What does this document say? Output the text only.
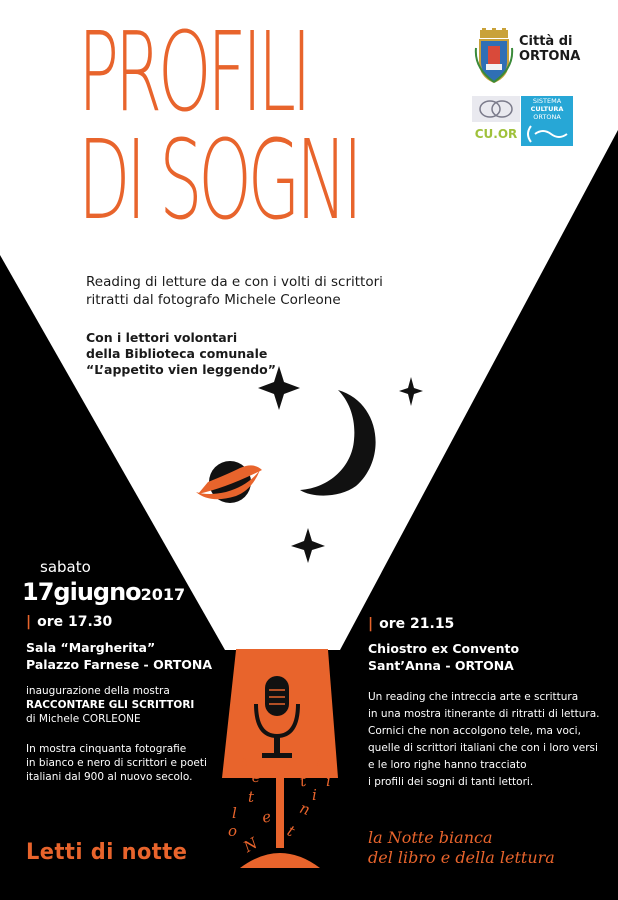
PROFILI
DI SOGNI
Città di
ORTONA
CU.OR
SISTEMA
CULTURA
ORTONA
Reading di letture da e con i volti di scrittori
ritratti dal fotografo Michele Corleone
Con i lettori volontari
della Biblioteca comunale
“L’appetito vien leggendo”
d
e
t
t
i
l e n
t
i
N
o
t
sabato
17giugno2017
| ore 17.30
Sala “Margherita”
Palazzo Farnese - ORTONA
inaugurazione della mostra
RACCONTARE GLI SCRITTORI
di Michele CORLEONE
In mostra cinquanta fotografie
in bianco e nero di scrittori e poeti
italiani dal 900 al nuovo secolo.
| ore 21.15
Chiostro ex Convento
Sant’Anna - ORTONA
Un reading che intreccia arte e scrittura
in una mostra itinerante di ritratti di lettura.
Cornici che non accolgono tele, ma voci,
quelle di scrittori italiani che con i loro versi
e le loro righe hanno tracciato
i profili dei sogni di tanti lettori.
Letti di notte
la Notte bianca
del libro e della lettura
